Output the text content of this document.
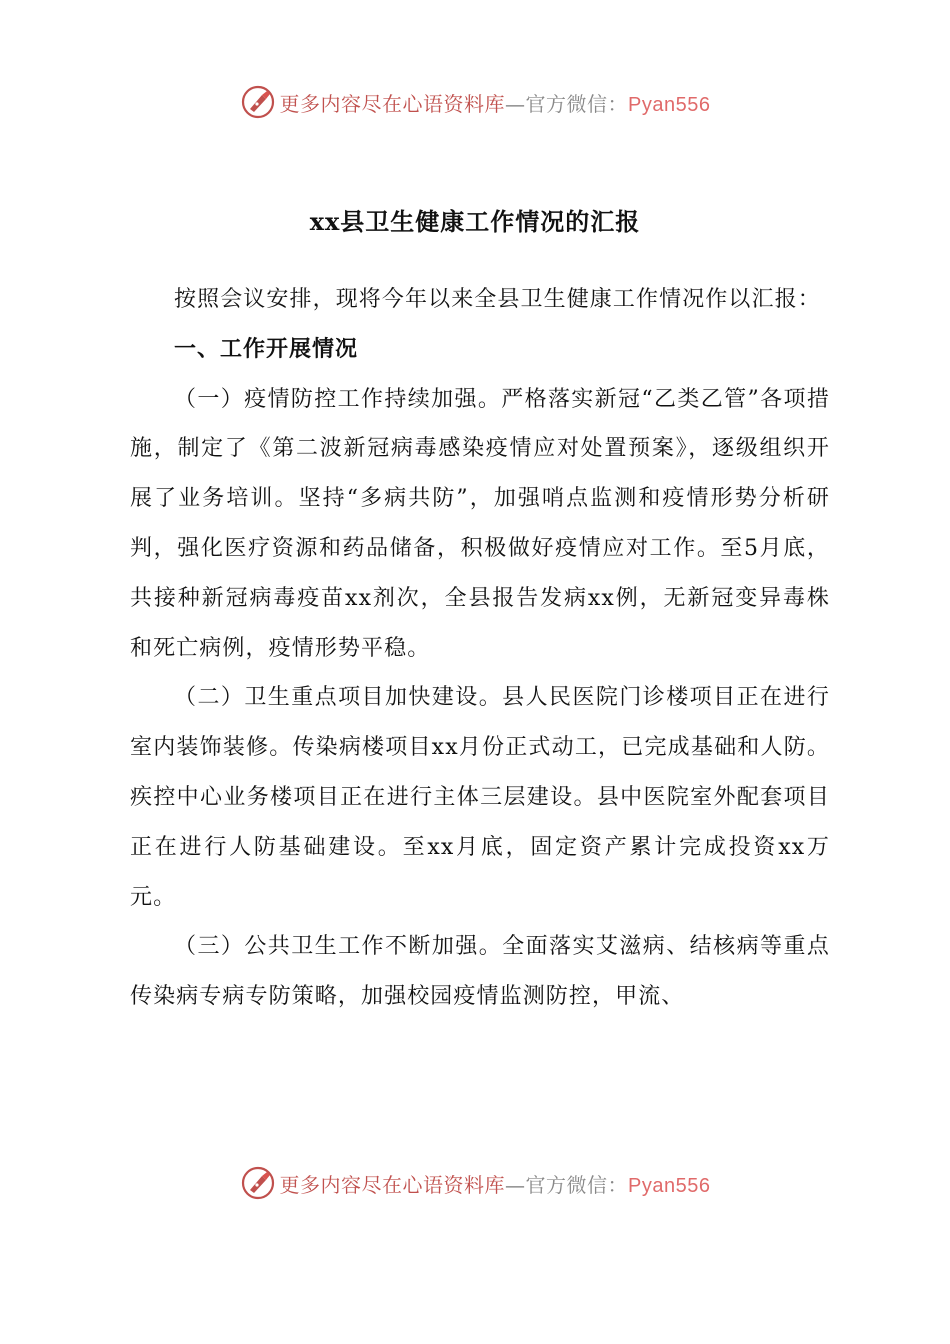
更多内容尽在心语资料库—官方微信：Pyan556
xx县卫生健康工作情况的汇报

按照会议安排，现将今年以来全县卫生健康工作情况作以汇报：

一、工作开展情况

（一）疫情防控工作持续加强。严格落实新冠“乙类乙管”各项措施，制定了《第二波新冠病毒感染疫情应对处置预案》，逐级组织开展了业务培训。坚持“多病共防”，加强哨点监测和疫情形势分析研判，强化医疗资源和药品储备，积极做好疫情应对工作。至5月底，共接种新冠病毒疫苗xx剂次，全县报告发病xx例，无新冠变异毒株和死亡病例，疫情形势平稳。

（二）卫生重点项目加快建设。县人民医院门诊楼项目正在进行室内装饰装修。传染病楼项目xx月份正式动工，已完成基础和人防。疾控中心业务楼项目正在进行主体三层建设。县中医院室外配套项目正在进行人防基础建设。至xx月底，固定资产累计完成投资xx万元。

（三）公共卫生工作不断加强。全面落实艾滋病、结核病等重点传染病专病专防策略，加强校园疫情监测防控，甲流、

更多内容尽在心语资料库—官方微信：Pyan556
